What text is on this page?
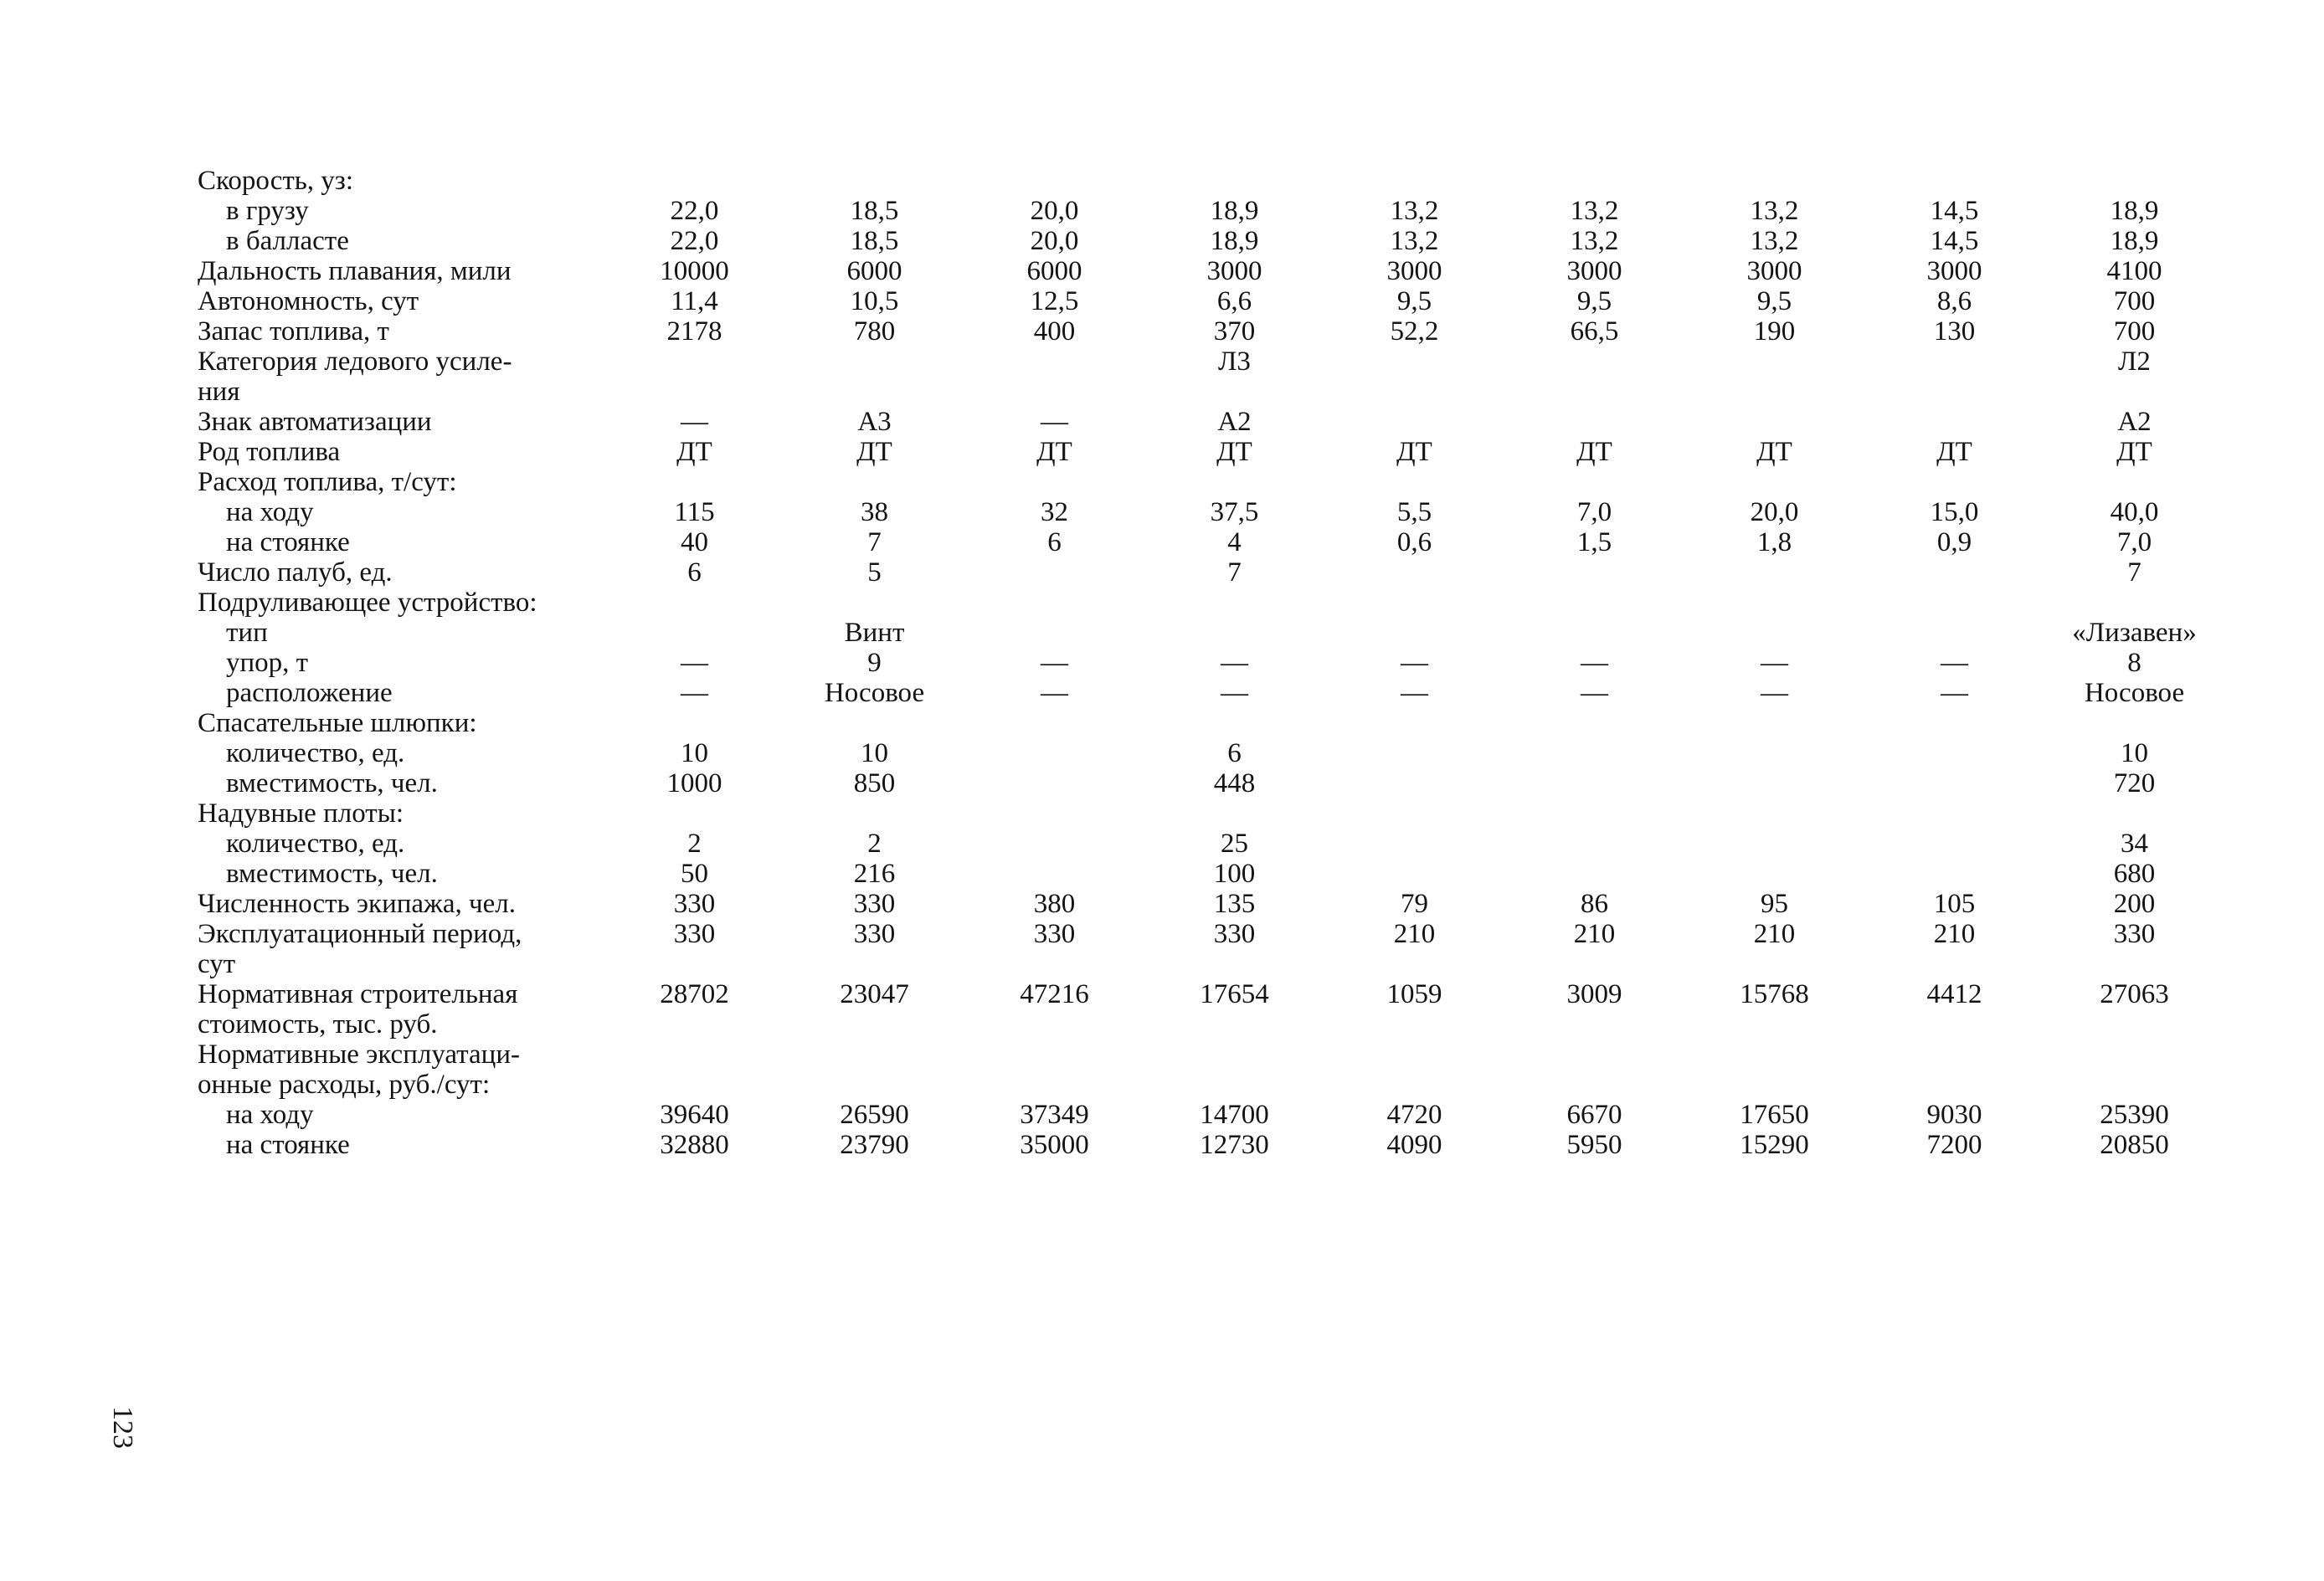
Скорость, уз:									
в грузу	22,0	18,5	20,0	18,9	13,2	13,2	13,2	14,5	18,9
в балласте	22,0	18,5	20,0	18,9	13,2	13,2	13,2	14,5	18,9
Дальность плавания, мили	10000	6000	6000	3000	3000	3000	3000	3000	4100
Автономность, сут	11,4	10,5	12,5	6,6	9,5	9,5	9,5	8,6	700
Запас топлива, т	2178	780	400	370	52,2	66,5	190	130	700
Категория ледового усиле-				Л3					Л2
ния									
Знак автоматизации	—	А3	—	А2					А2
Род топлива	ДТ	ДТ	ДТ	ДТ	ДТ	ДТ	ДТ	ДТ	ДТ
Расход топлива, т/сут:									
на ходу	115	38	32	37,5	5,5	7,0	20,0	15,0	40,0
на стоянке	40	7	6	4	0,6	1,5	1,8	0,9	7,0
Число палуб, ед.	6	5		7					7
Подруливающее устройство:									
тип		Винт							«Лизавен»
упор, т	—	9	—	—	—	—	—	—	8
расположение	—	Носовое	—	—	—	—	—	—	Носовое
Спасательные шлюпки:									
количество, ед.	10	10		6					10
вместимость, чел.	1000	850		448					720
Надувные плоты:									
количество, ед.	2	2		25					34
вместимость, чел.	50	216		100					680
Численность экипажа, чел.	330	330	380	135	79	86	95	105	200
Эксплуатационный период,	330	330	330	330	210	210	210	210	330
сут									
Нормативная строительная	28702	23047	47216	17654	1059	3009	15768	4412	27063
стоимость, тыс. руб.									
Нормативные эксплуатаци-									
онные расходы, руб./сут:									
на ходу	39640	26590	37349	14700	4720	6670	17650	9030	25390
на стоянке	32880	23790	35000	12730	4090	5950	15290	7200	20850
123
